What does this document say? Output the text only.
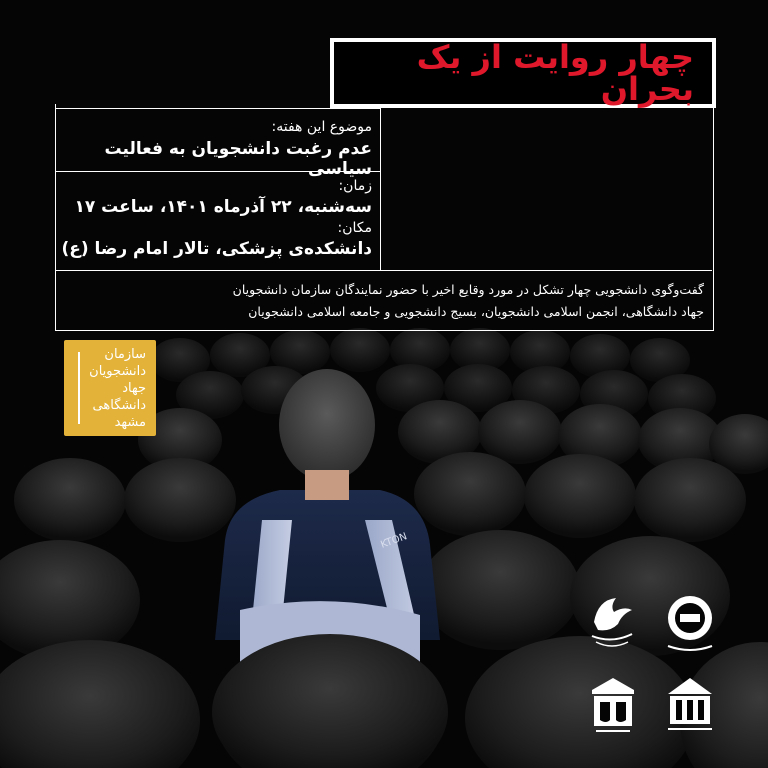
KTON
چهار روایت از یک بحران
موضوع این هفته:
عدم رغبت دانشجویان به فعالیت سیاسی
زمان:
سه‌شنبه، ۲۲ آذرماه ۱۴۰۱، ساعت ۱۷
مکان:
دانشکده‌ی پزشکی، تالار امام رضا (ع)
گفت‌وگوی دانشجویی چهار تشکل در مورد وقایع اخیر با حضور نمایندگان سازمان دانشجویان
جهاد دانشگاهی، انجمن اسلامی دانشجویان، بسیج دانشجویی و جامعه اسلامی دانشجویان
سازمان
دانشجویان
جهاد
دانشگاهی
مشهد
